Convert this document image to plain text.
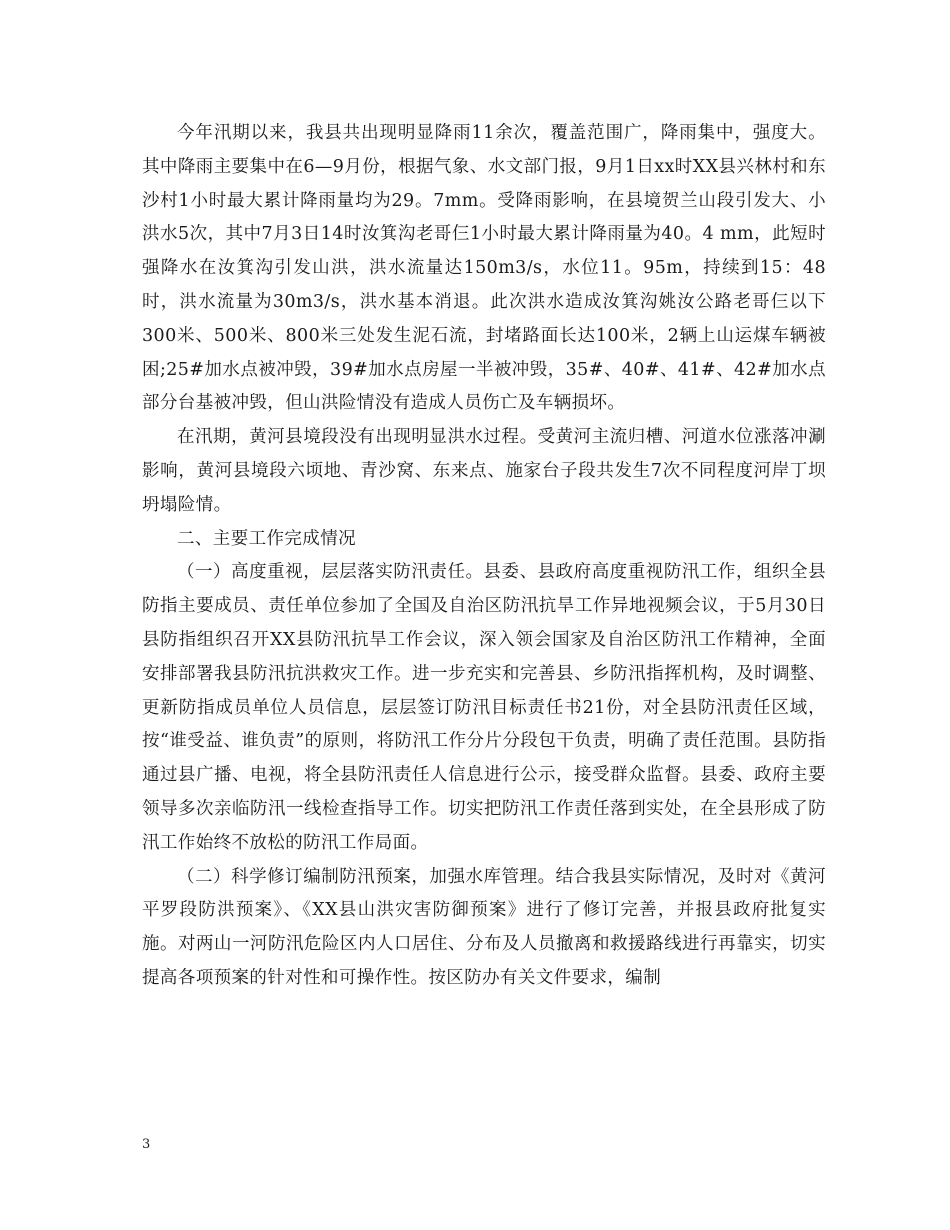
今年汛期以来，我县共出现明显降雨11余次，覆盖范围广，降雨集中，强度大。其中降雨主要集中在6—9月份，根据气象、水文部门报，9月1日xx时XX县兴林村和东沙村1小时最大累计降雨量均为29。7mm。受降雨影响，在县境贺兰山段引发大、小洪水5次，其中7月3日14时汝箕沟老哥仨1小时最大累计降雨量为40。4 mm，此短时强降水在汝箕沟引发山洪，洪水流量达150m3/s，水位11。95m，持续到15：48时，洪水流量为30m3/s，洪水基本消退。此次洪水造成汝箕沟姚汝公路老哥仨以下300米、500米、800米三处发生泥石流，封堵路面长达100米，2辆上山运煤车辆被困;25#加水点被冲毁，39#加水点房屋一半被冲毁，35#、40#、41#、42#加水点部分台基被冲毁，但山洪险情没有造成人员伤亡及车辆损坏。

在汛期，黄河县境段没有出现明显洪水过程。受黄河主流归槽、河道水位涨落冲涮影响，黄河县境段六顷地、青沙窝、东来点、施家台子段共发生7次不同程度河岸丁坝坍塌险情。

二、主要工作完成情况

（一）高度重视，层层落实防汛责任。县委、县政府高度重视防汛工作，组织全县防指主要成员、责任单位参加了全国及自治区防汛抗旱工作异地视频会议，于5月30日县防指组织召开XX县防汛抗旱工作会议，深入领会国家及自治区防汛工作精神，全面安排部署我县防汛抗洪救灾工作。进一步充实和完善县、乡防汛指挥机构，及时调整、更新防指成员单位人员信息，层层签订防汛目标责任书21份，对全县防汛责任区域，按“谁受益、谁负责”的原则，将防汛工作分片分段包干负责，明确了责任范围。县防指通过县广播、电视，将全县防汛责任人信息进行公示，接受群众监督。县委、政府主要领导多次亲临防汛一线检查指导工作。切实把防汛工作责任落到实处，在全县形成了防汛工作始终不放松的防汛工作局面。

（二）科学修订编制防汛预案，加强水库管理。结合我县实际情况，及时对《黄河平罗段防洪预案》、《XX县山洪灾害防御预案》进行了修订完善，并报县政府批复实施。对两山一河防汛危险区内人口居住、分布及人员撤离和救援路线进行再靠实，切实提高各项预案的针对性和可操作性。按区防办有关文件要求，编制

3
